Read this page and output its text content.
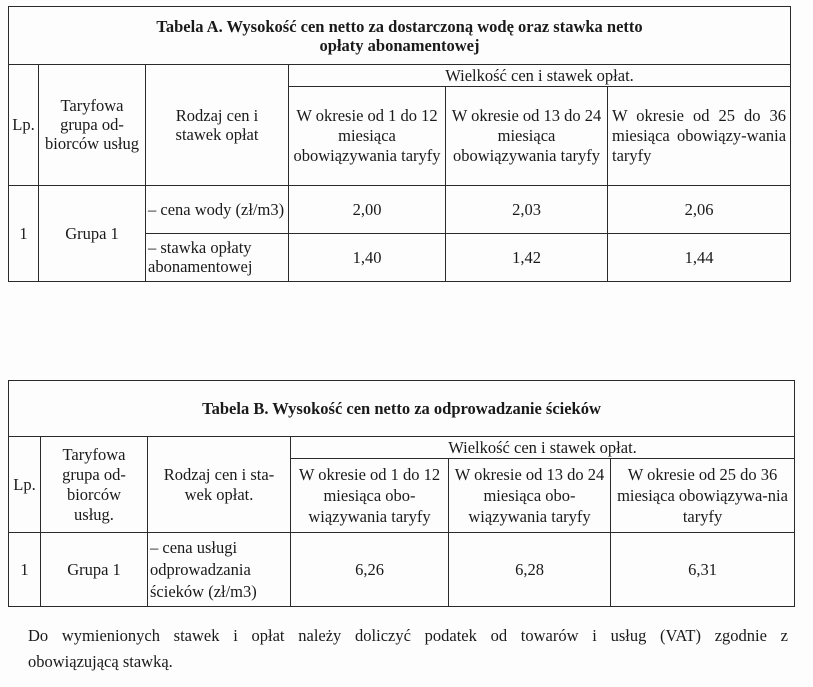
Tabela A. Wysokość cen netto za dostarczoną wodę oraz stawka netto
opłaty abonamentowej					
Lp.	Taryfowa grupa od-biorców usług	Rodzaj cen i stawek opłat	Wielkość cen i stawek opłat.		

			W okresie od 1 do 12 miesiąca obowiązywania taryfy	W okresie od 13 do 24 miesiąca obowiązywania taryfy	W okresie od 25 do 36 miesiąca obowiązy-wania taryfy

1	Grupa 1	– cena wody (zł/m3)	2,00	2,03	2,06
		– stawka opłaty abonamentowej	1,40	1,42	1,44
Tabela B. Wysokość cen netto za odprowadzanie ścieków					
Lp.	Taryfowa grupa od-biorców usług.	Rodzaj cen i sta-wek opłat.	Wielkość cen i stawek opłat.		

			W okresie od 1 do 12 miesiąca obo-wiązywania taryfy	W okresie od 13 do 24 miesiąca obo-wiązywania taryfy	W okresie od 25 do 36 miesiąca obowiązywa-nia taryfy

1	Grupa 1	– cena usługi odprowadzania ścieków (zł/m3)	6,26	6,28	6,31
Do wymienionych stawek i opłat należy doliczyć podatek od towarów i usług (VAT) zgodnie z
obowiązującą stawką.
